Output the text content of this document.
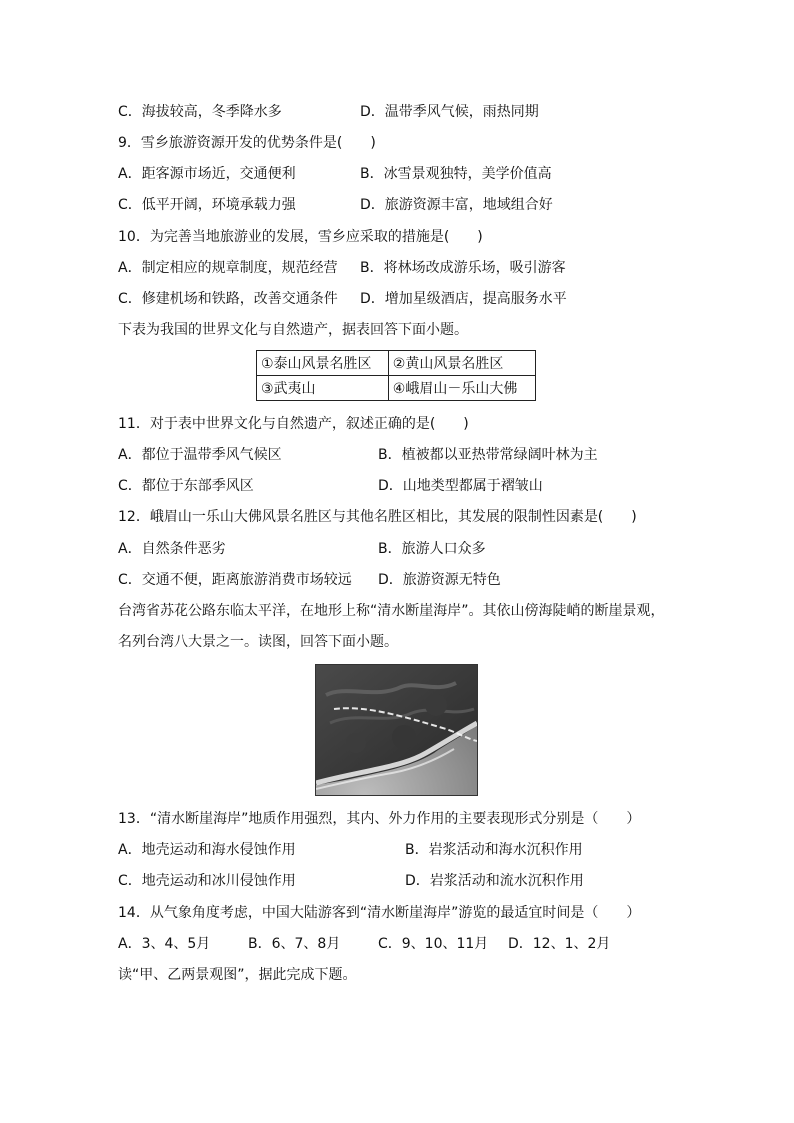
C．海拔较高，冬季降水多	D．温带季风气候，雨热同期
9．雪乡旅游资源开发的优势条件是(　　)
A．距客源市场近，交通便利	B．冰雪景观独特，美学价值高
C．低平开阔，环境承载力强	D．旅游资源丰富，地域组合好
10．为完善当地旅游业的发展，雪乡应采取的措施是(　　)
A．制定相应的规章制度，规范经营 B．将林场改成游乐场，吸引游客
C．修建机场和铁路，改善交通条件 D．增加星级酒店，提高服务水平
下表为我国的世界文化与自然遗产，据表回答下面小题。
①泰山风景名胜区	②黄山风景名胜区
③武夷山	④峨眉山－乐山大佛
11．对于表中世界文化与自然遗产，叙述正确的是(　　)
A．都位于温带季风气候区	B．植被都以亚热带常绿阔叶林为主
C．都位于东部季风区	D．山地类型都属于褶皱山
12．峨眉山一乐山大佛风景名胜区与其他名胜区相比，其发展的限制性因素是(　　)
A．自然条件恶劣	B．旅游人口众多
C．交通不便，距离旅游消费市场较远 D．旅游资源无特色
台湾省苏花公路东临太平洋，在地形上称“清水断崖海岸”。其依山傍海陡峭的断崖景观，
名列台湾八大景之一。读图，回答下面小题。
13．“清水断崖海岸”地质作用强烈，其内、外力作用的主要表现形式分别是（　　）
A．地壳运动和海水侵蚀作用	B．岩浆活动和海水沉积作用
C．地壳运动和冰川侵蚀作用	D．岩浆活动和流水沉积作用
14．从气象角度考虑，中国大陆游客到“清水断崖海岸”游览的最适宜时间是（　　）
A．3、4、5月	B．6、7、8月	C．9、10、11月 D．12、1、2月
读“甲、乙两景观图”，据此完成下题。
